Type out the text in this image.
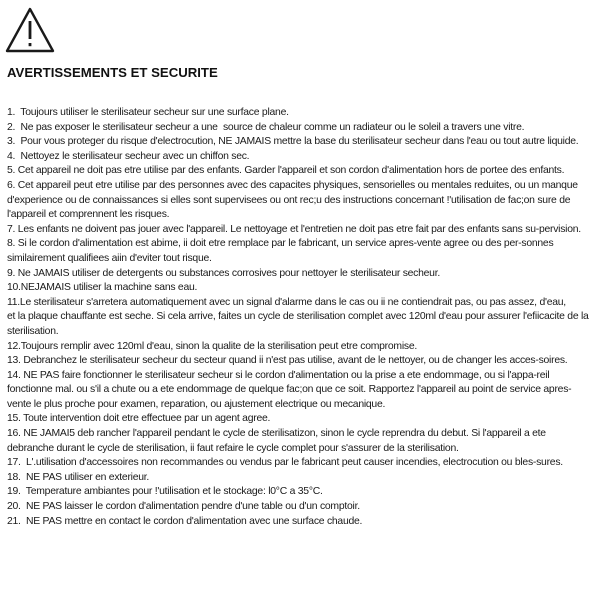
AVERTISSEMENTS ET SECURITE
1.  Toujours utiliser le sterilisateur secheur sur une surface plane.
2.  Ne pas exposer le sterilisateur secheur a une  source de chaleur comme un radiateur ou le soleil a travers une vitre.
3.  Pour vous proteger du risque d'electrocution, NE JAMAIS mettre la base du sterilisateur secheur dans l'eau ou tout autre liquide.
4.  Nettoyez le sterilisateur secheur avec un chiffon sec.
5. Cet appareil ne doit pas etre utilise par des enfants. Garder l'appareil et son cordon d'alimentation hors de portee des enfants.
6. Cet appareil peut etre utilise par des personnes avec des capacites physiques, sensorielles ou mentales reduites, ou un manque d'experience ou de connaissances si elles sont supervisees ou ont rec;u des instructions concernant !'utilisation de fac;on sure de l'appareil et comprennent les risques.
7. Les enfants ne doivent pas jouer avec l'appareil. Le nettoyage et l'entretien ne doit pas etre fait par des enfants sans su-pervision.
8. Si le cordon d'alimentation est abime, ii doit etre remplace par le fabricant, un service apres-vente agree ou des per-sonnes similairement qualifiees aiin d'eviter tout risque.
9. Ne JAMAIS utiliser de detergents ou substances corrosives pour nettoyer le sterilisateur secheur.
10.NEJAMAIS utiliser la machine sans eau.
11.Le sterilisateur s'arretera automatiquement avec un signal d'alarme dans le cas ou ii ne contiendrait pas, ou pas assez, d'eau,
et la plaque chauffante est seche. Si cela arrive, faites un cycle de sterilisation complet avec 120ml d'eau pour assurer l'efiicacite de la sterilisation.
12.Toujours remplir avec 120ml d'eau, sinon la qualite de la sterilisation peut etre compromise.
13. Debranchez le sterilisateur secheur du secteur quand ii n'est pas utilise, avant de le nettoyer, ou de changer les acces-soires.
14. NE PAS faire fonctionner le sterilisateur secheur si le cordon d'alimentation ou la prise a ete endommage, ou si l'appa-reil fonctionne mal. ou s'il a chute ou a ete endommage de quelque fac;on que ce soit. Rapportez l'appareil au point de service apres-vente le plus proche pour examen, reparation, ou ajustement electrique ou mecanique.
15. Toute intervention doit etre effectuee par un agent agree.
16. NE JAMAI5 deb rancher l'appareil pendant le cycle de sterilisatizon, sinon le cycle reprendra du debut. Si l'appareil a ete debranche durant le cycle de sterilisation, ii faut refaire le cycle complet pour s'assurer de la sterilisation.
17.  L'.utilisation d'accessoires non recommandes ou vendus par le fabricant peut causer incendies, electrocution ou bles-sures.
18.  NE PAS utiliser en exterieur.
19.  Temperature ambiantes pour !'utilisation et le stockage: l0°C a 35°C.
20.  NE PAS laisser le cordon d'alimentation pendre d'une table ou d'un comptoir.
21.  NE PAS mettre en contact le cordon d'alimentation avec une surface chaude.
